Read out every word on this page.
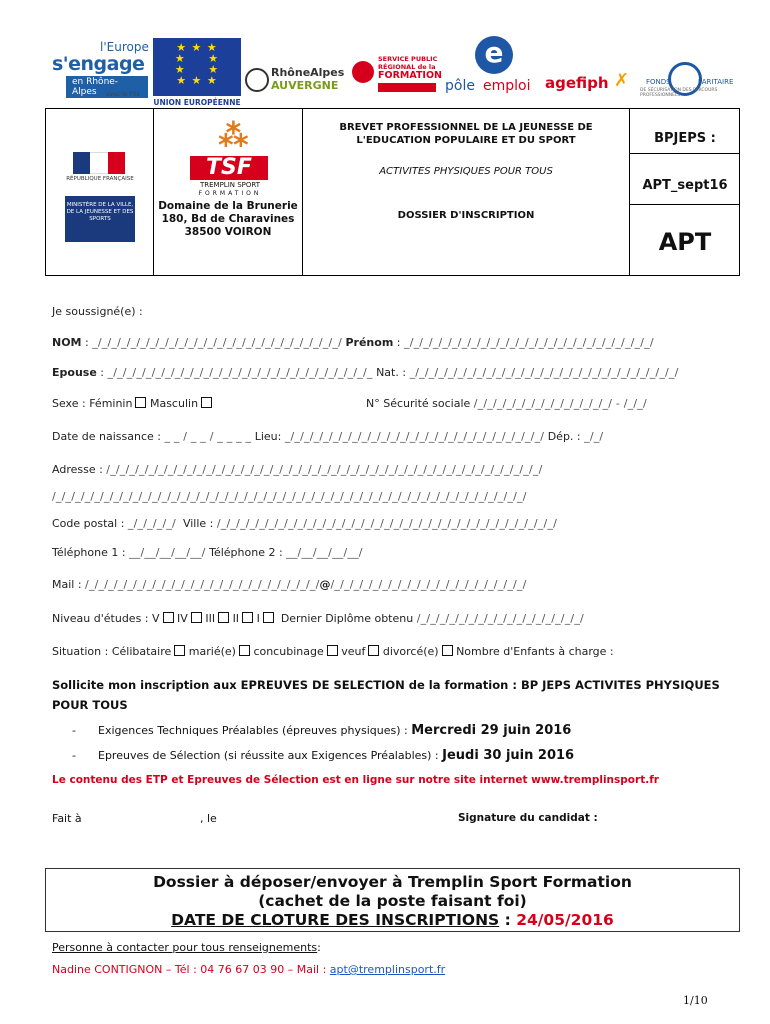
l'Europe
s'engage
en Rhône-Alpes	avec le FSE
★ ★ ★
★     ★
★     ★
★ ★ ★
UNION EUROPÉENNE
RhôneAlpes
AUVERGNE
SERVICE PUBLIC
RÉGIONAL de la
FORMATION
e
pôle emploi agefiph ✗ FONDS	PARITAIRE
DE SÉCURISATION DES PARCOURS PROFESSIONNELS

RÉPUBLIQUE FRANÇAISE
MINISTÈRE DE LA VILLE, DE LA JEUNESSE ET DES SPORTS
⁂
TSF
TREMPLIN SPORT
FORMATION
Domaine de la Brunerie
180, Bd de Charavines
38500 VOIRON
BREVET PROFESSIONNEL DE LA JEUNESSE DE
L'EDUCATION POPULAIRE ET DU SPORT
ACTIVITES PHYSIQUES POUR TOUS
DOSSIER D'INSCRIPTION
BPJEPS :
APT_sept16
APT
Je soussigné(e) :
NOM : _/_/_/_/_/_/_/_/_/_/_/_/_/_/_/_/_/_/_/_/_/_/_/_/_/_/ Prénom : _/_/_/_/_/_/_/_/_/_/_/_/_/_/_/_/_/_/_/_/_/_/_/_/_/_/
Epouse : _/_/_/_/_/_/_/_/_/_/_/_/_/_/_/_/_/_/_/_/_/_/_/_/_/_/_/_ Nat. : _/_/_/_/_/_/_/_/_/_/_/_/_/_/_/_/_/_/_/_/_/_/_/_/_/_/_/_/
Sexe : Féminin Masculin	N° Sécurité sociale /_/_/_/_/_/_/_/_/_/_/_/_/_/_/ - /_/_/
Date de naissance : _ _ / _ _ / _ _ _ _ Lieu: _/_/_/_/_/_/_/_/_/_/_/_/_/_/_/_/_/_/_/_/_/_/_/_/_/_/_/ Dép. : _/_/
Adresse : /_/_/_/_/_/_/_/_/_/_/_/_/_/_/_/_/_/_/_/_/_/_/_/_/_/_/_/_/_/_/_/_/_/_/_/_/_/_/_/_/_/_/_/_/_/
/_/_/_/_/_/_/_/_/_/_/_/_/_/_/_/_/_/_/_/_/_/_/_/_/_/_/_/_/_/_/_/_/_/_/_/_/_/_/_/_/_/_/_/_/_/_/_/_/_/
Code postal : _/_/_/_/_/ Ville : /_/_/_/_/_/_/_/_/_/_/_/_/_/_/_/_/_/_/_/_/_/_/_/_/_/_/_/_/_/_/_/_/_/_/_/
Téléphone 1 : __/__/__/__/__/ Téléphone 2 : __/__/__/__/__/
Mail : /_/_/_/_/_/_/_/_/_/_/_/_/_/_/_/_/_/_/_/_/_/_/_/_/@/_/_/_/_/_/_/_/_/_/_/_/_/_/_/_/_/_/_/_/_/
Niveau d'études : V IV III II I Dernier Diplôme obtenu /_/_/_/_/_/_/_/_/_/_/_/_/_/_/_/_/_/
Situation : Célibataire marié(e) concubinage veuf divorcé(e) Nombre d'Enfants à charge :
Sollicite mon inscription aux EPREUVES DE SELECTION de la formation : BP JEPS ACTIVITES PHYSIQUES
POUR TOUS
- Exigences Techniques Préalables (épreuves physiques) : Mercredi 29 juin 2016
- Epreuves de Sélection (si réussite aux Exigences Préalables) : Jeudi 30 juin 2016
Le contenu des ETP et Epreuves de Sélection est en ligne sur notre site internet www.tremplinsport.fr
Fait à	, le	Signature du candidat :
Dossier à déposer/envoyer à Tremplin Sport Formation
(cachet de la poste faisant foi)
DATE DE CLOTURE DES INSCRIPTIONS : 24/05/2016
Personne à contacter pour tous renseignements:
Nadine CONTIGNON – Tél : 04 76 67 03 90 – Mail : apt@tremplinsport.fr
1/10
